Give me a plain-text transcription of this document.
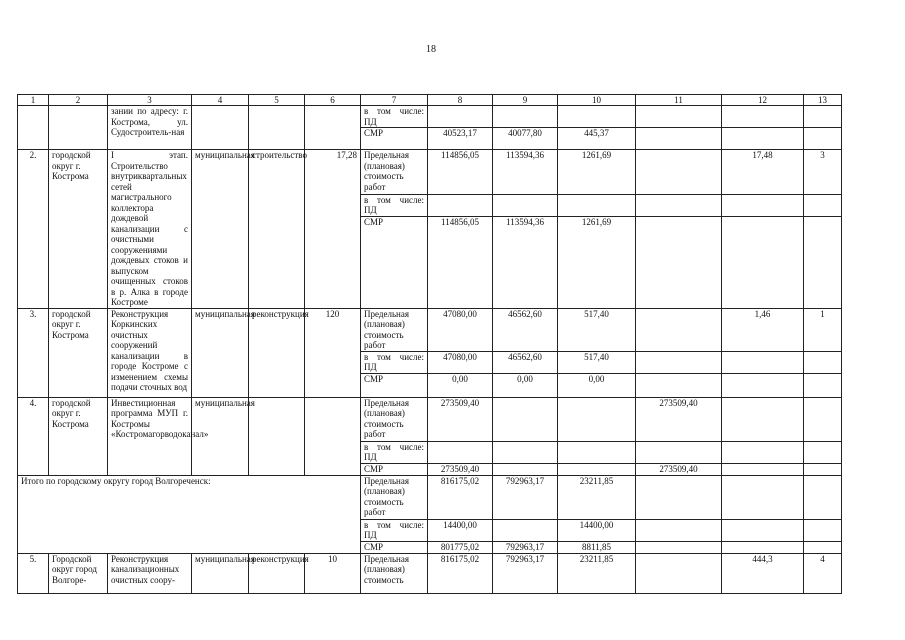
18
1	2	3	4	5	6	7	8	9	10	11	12	13
		зании по адресу: г. Кострома, ул. Судостроитель-ная				в том числе: ПД						
						СМР	40523,17	40077,80	445,37			
2.	городской округ г. Кострома	I этап. Строительство внутриквартальных сетей магистрального коллектора дождевой канализации с очистными сооружениями дождевых стоков и выпуском очищенных стоков в р. Алка в городе Костроме	муниципальная	строительство	17,28	Предельная (плановая) стоимость работ	114856,05	113594,36	1261,69		17,48	3
						в том числе: ПД						
						СМР	114856,05	113594,36	1261,69			
3.	городской округ г. Кострома	Реконструкция Коркинских очистных сооружений канализации в городе Костроме с изменением схемы подачи сточных вод	муниципальная	реконструкция	120	Предельная (плановая) стоимость работ	47080,00	46562,60	517,40		1,46	1
						в том числе: ПД	47080,00	46562,60	517,40			
						СМР	0,00	0,00	0,00			
4.	городской округ г. Кострома	Инвестиционная программа МУП г. Костромы «Костромагорводоканал»	муниципальная			Предельная (плановая) стоимость работ	273509,40			273509,40		
						в том числе: ПД						
						СМР	273509,40			273509,40		
Итого по городскому округу город Волгореченск:						Предельная (плановая) стоимость работ	816175,02	792963,17	23211,85			
						в том числе: ПД	14400,00		14400,00			
						СМР	801775,02	792963,17	8811,85			
5.	Городской округ город Волгоре-	Реконструкция канализационных очистных соору-	муниципальная	реконструкция	10	Предельная (плановая) стоимость	816175,02	792963,17	23211,85		444,3	4
